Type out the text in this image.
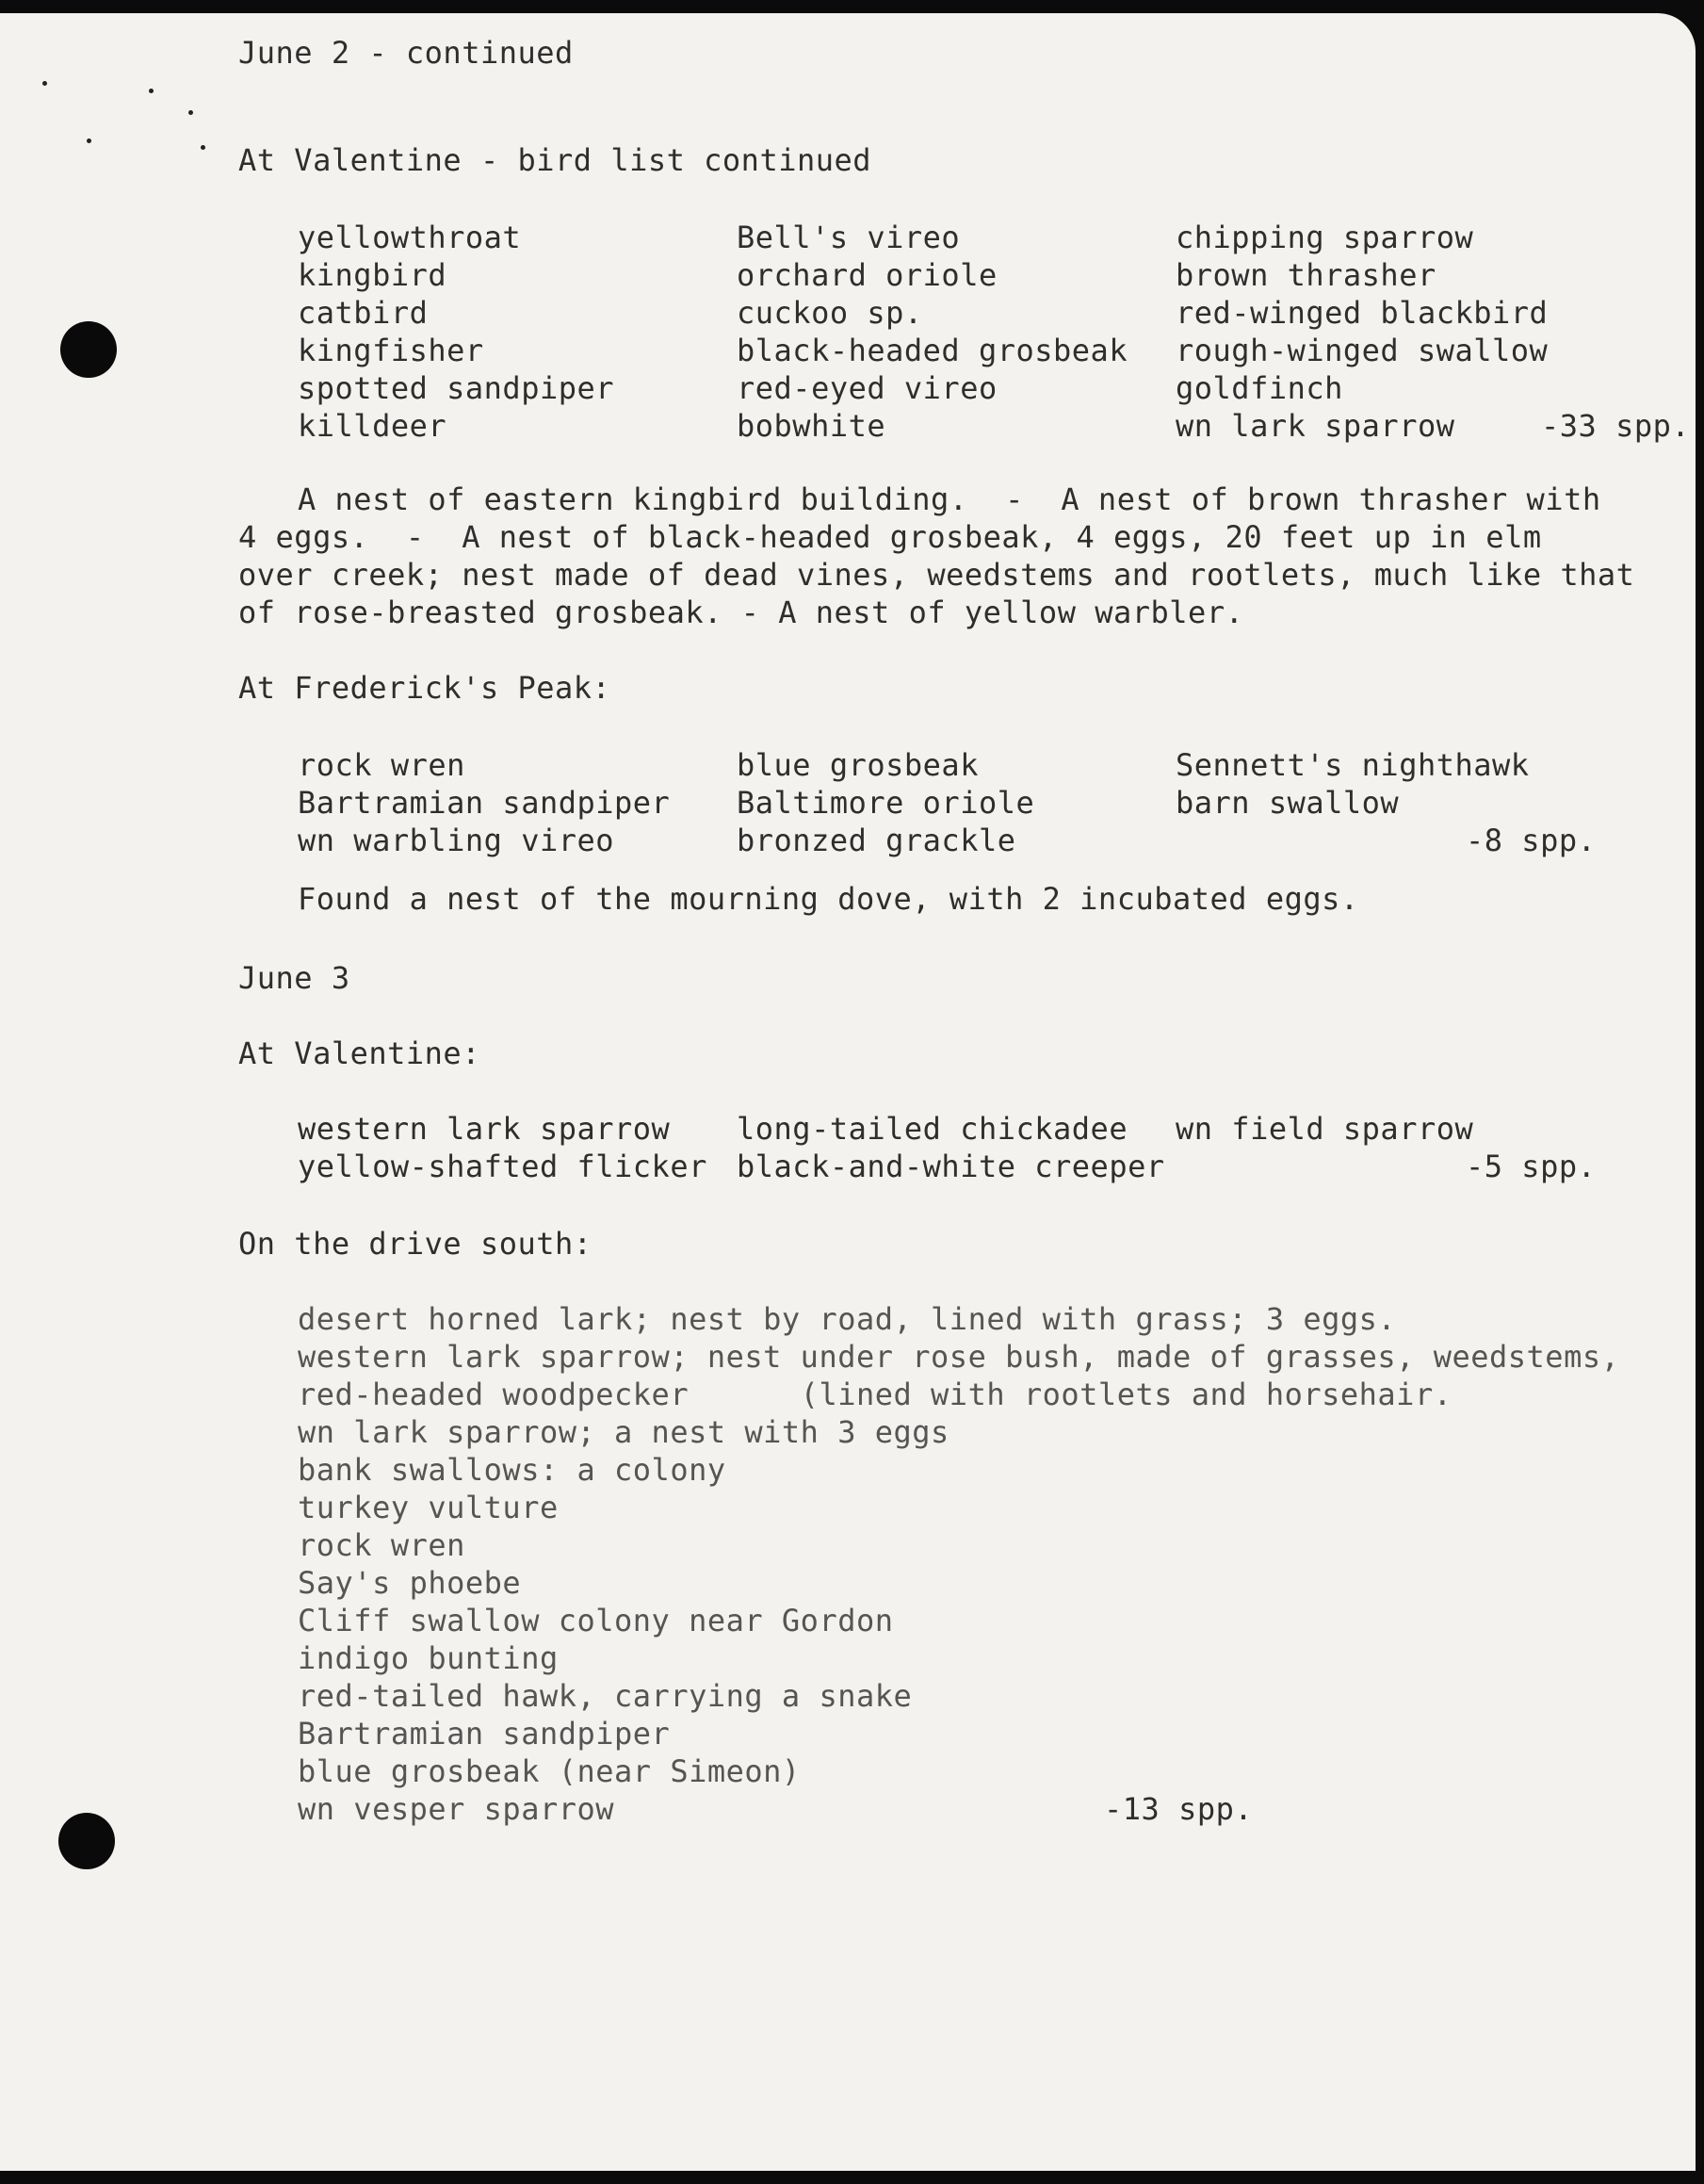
June 2 - continued
At Valentine - bird list continued
yellowthroat
kingbird
catbird
kingfisher
spotted sandpiper
killdeer
Bell's vireo
orchard oriole
cuckoo sp.
black-headed grosbeak
red-eyed vireo
bobwhite
chipping sparrow
brown thrasher
red-winged blackbird
rough-winged swallow
goldfinch
wn lark sparrow	-33 spp.
A nest of eastern kingbird building.  -  A nest of brown thrasher with
4 eggs.  -  A nest of black-headed grosbeak, 4 eggs, 20 feet up in elm
over creek; nest made of dead vines, weedstems and rootlets, much like that
of rose-breasted grosbeak. - A nest of yellow warbler.
At Frederick's Peak:
rock wren
Bartramian sandpiper
wn warbling vireo
blue grosbeak
Baltimore oriole
bronzed grackle
Sennett's nighthawk
barn swallow
-8 spp.
Found a nest of the mourning dove, with 2 incubated eggs.
June 3
At Valentine:
western lark sparrow
yellow-shafted flicker
long-tailed chickadee
black-and-white creeper
wn field sparrow
-5 spp.
On the drive south:
desert horned lark; nest by road, lined with grass; 3 eggs.
western lark sparrow; nest under rose bush, made of grasses, weedstems,
red-headed woodpecker      (lined with rootlets and horsehair.
wn lark sparrow; a nest with 3 eggs
bank swallows: a colony
turkey vulture
rock wren
Say's phoebe
Cliff swallow colony near Gordon
indigo bunting
red-tailed hawk, carrying a snake
Bartramian sandpiper
blue grosbeak (near Simeon)
wn vesper sparrow	-13 spp.
